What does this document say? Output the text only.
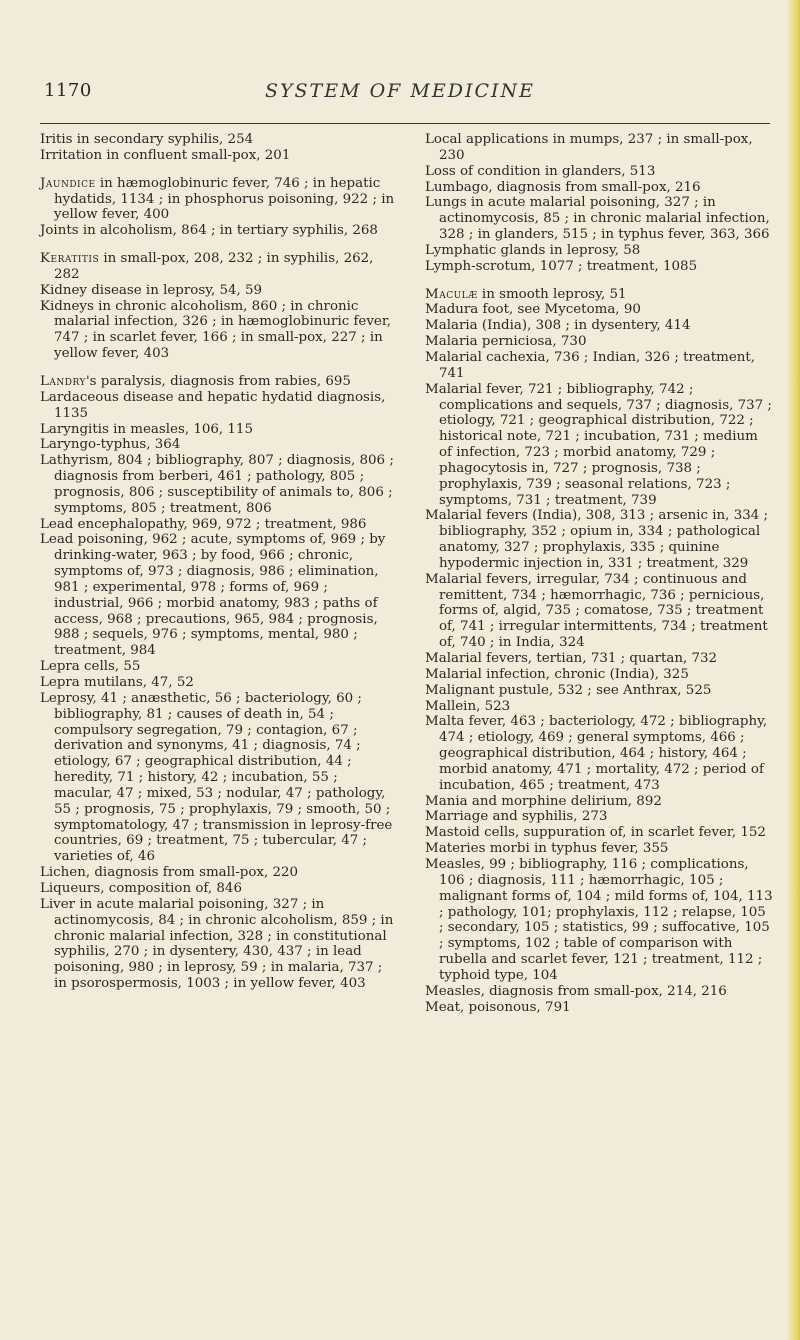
1170	SYSTEM OF MEDICINE
Iritis in secondary syphilis, 254
Irritation in confluent small-pox, 201
Jaundice in hæmoglobinuric fever, 746 ; in hepatic hydatids, 1134 ; in phosphorus poisoning, 922 ; in yellow fever, 400
Joints in alcoholism, 864 ; in tertiary syphilis, 268
Keratitis in small-pox, 208, 232 ; in syphilis, 262, 282
Kidney disease in leprosy, 54, 59
Kidneys in chronic alcoholism, 860 ; in chronic malarial infection, 326 ; in hæmoglobinuric fever, 747 ; in scarlet fever, 166 ; in small-pox, 227 ; in yellow fever, 403
Landry's paralysis, diagnosis from rabies, 695
Lardaceous disease and hepatic hydatid diagnosis, 1135
Laryngitis in measles, 106, 115
Laryngo-typhus, 364
Lathyrism, 804 ; bibliography, 807 ; diagnosis, 806 ; diagnosis from berberi, 461 ; pathology, 805 ; prognosis, 806 ; susceptibility of animals to, 806 ; symptoms, 805 ; treatment, 806
Lead encephalopathy, 969, 972 ; treatment, 986
Lead poisoning, 962 ; acute, symptoms of, 969 ; by drinking-water, 963 ; by food, 966 ; chronic, symptoms of, 973 ; diagnosis, 986 ; elimination, 981 ; experimental, 978 ; forms of, 969 ; industrial, 966 ; morbid anatomy, 983 ; paths of access, 968 ; precautions, 965, 984 ; prognosis, 988 ; sequels, 976 ; symptoms, mental, 980 ; treatment, 984
Lepra cells, 55
Lepra mutilans, 47, 52
Leprosy, 41 ; anæsthetic, 56 ; bacteriology, 60 ; bibliography, 81 ; causes of death in, 54 ; compulsory segregation, 79 ; contagion, 67 ; derivation and synonyms, 41 ; diagnosis, 74 ; etiology, 67 ; geographical distribution, 44 ; heredity, 71 ; history, 42 ; incubation, 55 ; macular, 47 ; mixed, 53 ; nodular, 47 ; pathology, 55 ; prognosis, 75 ; prophylaxis, 79 ; smooth, 50 ; symptomatology, 47 ; transmission in leprosy-free countries, 69 ; treatment, 75 ; tubercular, 47 ; varieties of, 46
Lichen, diagnosis from small-pox, 220
Liqueurs, composition of, 846
Liver in acute malarial poisoning, 327 ; in actinomycosis, 84 ; in chronic alcoholism, 859 ; in chronic malarial infection, 328 ; in constitutional syphilis, 270 ; in dysentery, 430, 437 ; in lead poisoning, 980 ; in leprosy, 59 ; in malaria, 737 ; in psorospermosis, 1003 ; in yellow fever, 403
Local applications in mumps, 237 ; in small-pox, 230
Loss of condition in glanders, 513
Lumbago, diagnosis from small-pox, 216
Lungs in acute malarial poisoning, 327 ; in actinomycosis, 85 ; in chronic malarial infection, 328 ; in glanders, 515 ; in typhus fever, 363, 366
Lymphatic glands in leprosy, 58
Lymph-scrotum, 1077 ; treatment, 1085
Maculæ in smooth leprosy, 51
Madura foot, see Mycetoma, 90
Malaria (India), 308 ; in dysentery, 414
Malaria perniciosa, 730
Malarial cachexia, 736 ; Indian, 326 ; treatment, 741
Malarial fever, 721 ; bibliography, 742 ; complications and sequels, 737 ; diagnosis, 737 ; etiology, 721 ; geographical distribution, 722 ; historical note, 721 ; incubation, 731 ; medium of infection, 723 ; morbid anatomy, 729 ; phagocytosis in, 727 ; prognosis, 738 ; prophylaxis, 739 ; seasonal relations, 723 ; symptoms, 731 ; treatment, 739
Malarial fevers (India), 308, 313 ; arsenic in, 334 ; bibliography, 352 ; opium in, 334 ; pathological anatomy, 327 ; prophylaxis, 335 ; quinine hypodermic injection in, 331 ; treatment, 329
Malarial fevers, irregular, 734 ; continuous and remittent, 734 ; hæmorrhagic, 736 ; pernicious, forms of, algid, 735 ; comatose, 735 ; treatment of, 741 ; irregular intermittents, 734 ; treatment of, 740 ; in India, 324
Malarial fevers, tertian, 731 ; quartan, 732
Malarial infection, chronic (India), 325
Malignant pustule, 532 ; see Anthrax, 525
Mallein, 523
Malta fever, 463 ; bacteriology, 472 ; bibliography, 474 ; etiology, 469 ; general symptoms, 466 ; geographical distribution, 464 ; history, 464 ; morbid anatomy, 471 ; mortality, 472 ; period of incubation, 465 ; treatment, 473
Mania and morphine delirium, 892
Marriage and syphilis, 273
Mastoid cells, suppuration of, in scarlet fever, 152
Materies morbi in typhus fever, 355
Measles, 99 ; bibliography, 116 ; complications, 106 ; diagnosis, 111 ; hæmorrhagic, 105 ; malignant forms of, 104 ; mild forms of, 104, 113 ; pathology, 101; prophylaxis, 112 ; relapse, 105 ; secondary, 105 ; statistics, 99 ; suffocative, 105 ; symptoms, 102 ; table of comparison with rubella and scarlet fever, 121 ; treatment, 112 ; typhoid type, 104
Measles, diagnosis from small-pox, 214, 216
Meat, poisonous, 791
